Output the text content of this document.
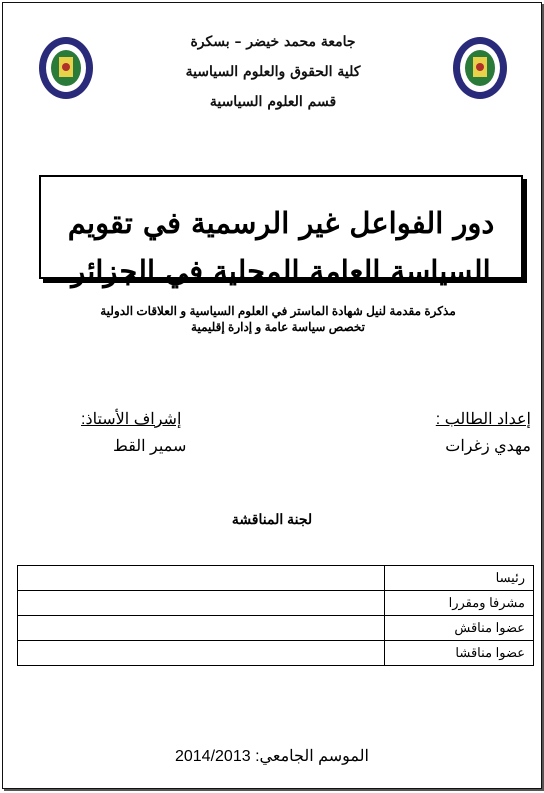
جامعة محمد خيضر – بسكرة
كلية الحقوق والعلوم السياسية
قسم العلوم السياسية
دور الفواعل غير الرسمية في تقويم السياسة العامة المحلية في الجزائر
مذكرة مقدمة لنيل شهادة الماستر في العلوم السياسية و العلاقات الدولية
تخصص سياسة عامة و إدارة إقليمية
إعداد الطالب :
مهدي زغرات
إشراف الأستاذ:
سمير القط
لجنة المناقشة
	رئيسا
	مشرفا ومقررا
	عضوا مناقش
	عضوا مناقشا
الموسم الجامعي: 2014/2013
